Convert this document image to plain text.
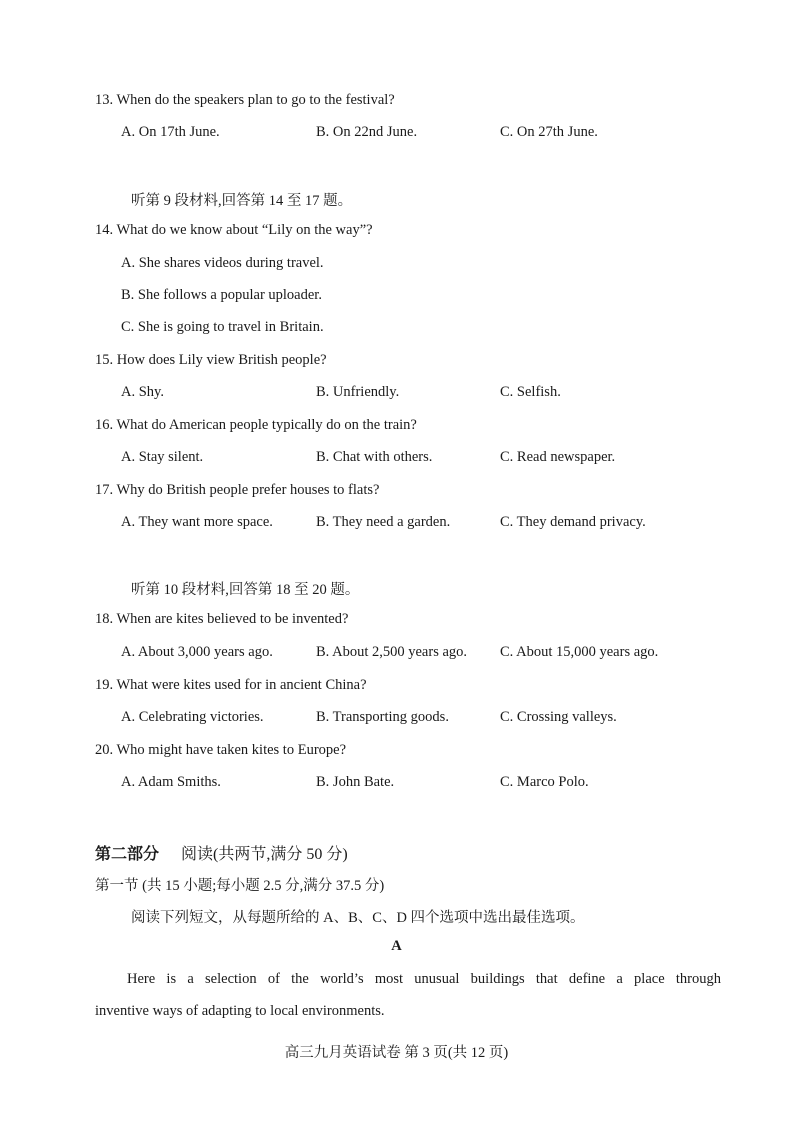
13. When do the speakers plan to go to the festival?
A. On 17th June.	B. On 22nd June.	C. On 27th June.
听第 9 段材料,回答第 14 至 17 题。
14. What do we know about “Lily on the way”?
A. She shares videos during travel.
B. She follows a popular uploader.
C. She is going to travel in Britain.
15. How does Lily view British people?
A. Shy.	B. Unfriendly.	C. Selfish.
16. What do American people typically do on the train?
A. Stay silent.	B. Chat with others.	C. Read newspaper.
17. Why do British people prefer houses to flats?
A. They want more space.	B. They need a garden.	C. They demand privacy.
听第 10 段材料,回答第 18 至 20 题。
18. When are kites believed to be invented?
A. About 3,000 years ago.	B. About 2,500 years ago. C. About 15,000 years ago.
19. What were kites used for in ancient China?
A. Celebrating victories.	B. Transporting goods.	C. Crossing valleys.
20. Who might have taken kites to Europe?
A. Adam Smiths.	B. John Bate.	C. Marco Polo.
第二部分 阅读(共两节,满分 50 分)
第一节 (共 15 小题;每小题 2.5 分,满分 37.5 分)
阅读下列短文，从每题所给的 A、B、C、D 四个选项中选出最佳选项。
A
Here is a selection of the world’s most unusual buildings that define a place through
inventive ways of adapting to local environments.
高三九月英语试卷 第 3 页(共 12 页)
